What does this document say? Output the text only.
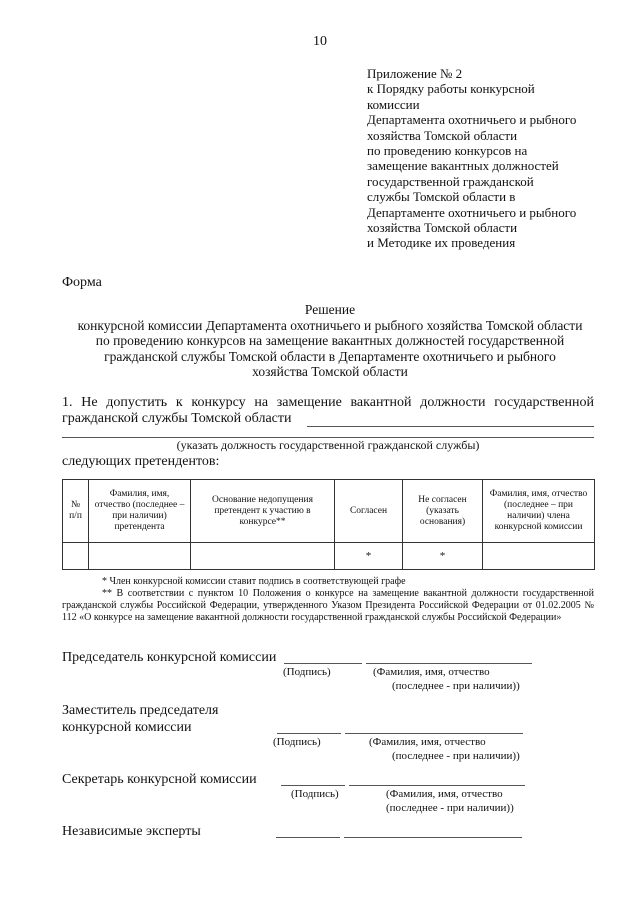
10
Приложение № 2
к Порядку работы конкурсной
комиссии
Департамента охотничьего и рыбного
хозяйства Томской области
по проведению конкурсов на
замещение вакантных должностей
государственной гражданской
службы Томской области в
Департаменте охотничьего и рыбного
хозяйства Томской области
и Методике их проведения
Форма
Решение
конкурсной комиссии Департамента охотничьего и рыбного хозяйства Томской области
по проведению конкурсов на замещение вакантных должностей государственной
гражданской службы Томской области в Департаменте охотничьего и рыбного
хозяйства Томской области
1. Не допустить к конкурсу на замещение вакантной должности государственной
гражданской службы Томской области
(указать должность государственной гражданской службы)
следующих претендентов:
№ п/п	Фамилия, имя, отчество (последнее – при наличии) претендента	Основание недопущения претендент к участию в конкурсе**	Согласен	Не согласен (указать основания)	Фамилия, имя, отчество (последнее – при наличии) члена конкурсной комиссии
			*	*	
* Член конкурсной комиссии ставит подпись в соответствующей графе
** В соответствии с пунктом 10 Положения о конкурсе на замещение вакантной должности государственной гражданской службы Российской Федерации, утвержденного Указом Президента Российской Федерации от 01.02.2005 № 112 «О конкурсе на замещение вакантной должности государственной гражданской службы Российской Федерации»
Председатель конкурсной комиссии
(Подпись)	(Фамилия, имя, отчество
(последнее - при наличии))
Заместитель председателя
конкурсной комиссии
(Подпись)	(Фамилия, имя, отчество
(последнее - при наличии))
Секретарь конкурсной комиссии
(Подпись)	(Фамилия, имя, отчество
(последнее - при наличии))
Независимые эксперты
